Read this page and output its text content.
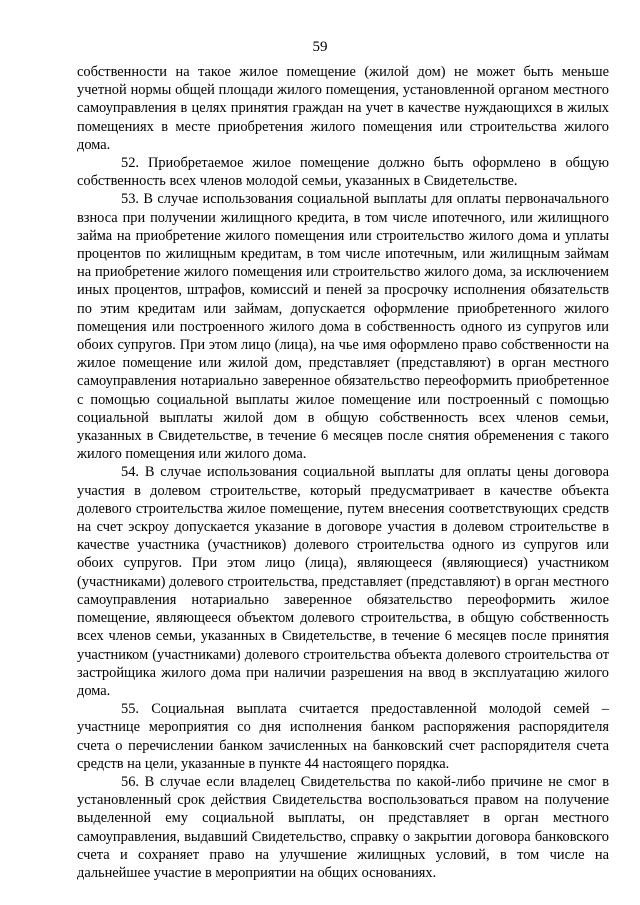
59

собственности на такое жилое помещение (жилой дом) не может быть меньше учетной нормы общей площади жилого помещения, установленной органом местного самоуправления в целях принятия граждан на учет в качестве нуждающихся в жилых помещениях в месте приобретения жилого помещения или строительства жилого дома.

52. Приобретаемое жилое помещение должно быть оформлено в общую собственность всех членов молодой семьи, указанных в Свидетельстве.

53. В случае использования социальной выплаты для оплаты первоначального взноса при получении жилищного кредита, в том числе ипотечного, или жилищного займа на приобретение жилого помещения или строительство жилого дома и уплаты процентов по жилищным кредитам, в том числе ипотечным, или жилищным займам на приобретение жилого помещения или строительство жилого дома, за исключением иных процентов, штрафов, комиссий и пеней за просрочку исполнения обязательств по этим кредитам или займам, допускается оформление приобретенного жилого помещения или построенного жилого дома в собственность одного из супругов или обоих супругов. При этом лицо (лица), на чье имя оформлено право собственности на жилое помещение или жилой дом, представляет (представляют) в орган местного самоуправления нотариально заверенное обязательство переоформить приобретенное с помощью социальной выплаты жилое помещение или построенный с помощью социальной выплаты жилой дом в общую собственность всех членов семьи, указанных в Свидетельстве, в течение 6 месяцев после снятия обременения с такого жилого помещения или жилого дома.

54. В случае использования социальной выплаты для оплаты цены договора участия в долевом строительстве, который предусматривает в качестве объекта долевого строительства жилое помещение, путем внесения соответствующих средств на счет эскроу допускается указание в договоре участия в долевом строительстве в качестве участника (участников) долевого строительства одного из супругов или обоих супругов. При этом лицо (лица), являющееся (являющиеся) участником (участниками) долевого строительства, представляет (представляют) в орган местного самоуправления нотариально заверенное обязательство переоформить жилое помещение, являющееся объектом долевого строительства, в общую собственность всех членов семьи, указанных в Свидетельстве, в течение 6 месяцев после принятия участником (участниками) долевого строительства объекта долевого строительства от застройщика жилого дома при наличии разрешения на ввод в эксплуатацию жилого дома.

55. Социальная выплата считается предоставленной молодой семей – участнице мероприятия со дня исполнения банком распоряжения распорядителя счета о перечислении банком зачисленных на банковский счет распорядителя счета средств на цели, указанные в пункте 44 настоящего порядка.

56. В случае если владелец Свидетельства по какой-либо причине не смог в установленный срок действия Свидетельства воспользоваться правом на получение выделенной ему социальной выплаты, он представляет в орган местного самоуправления, выдавший Свидетельство, справку о закрытии договора банковского счета и сохраняет право на улучшение жилищных условий, в том числе на дальнейшее участие в мероприятии на общих основаниях.
